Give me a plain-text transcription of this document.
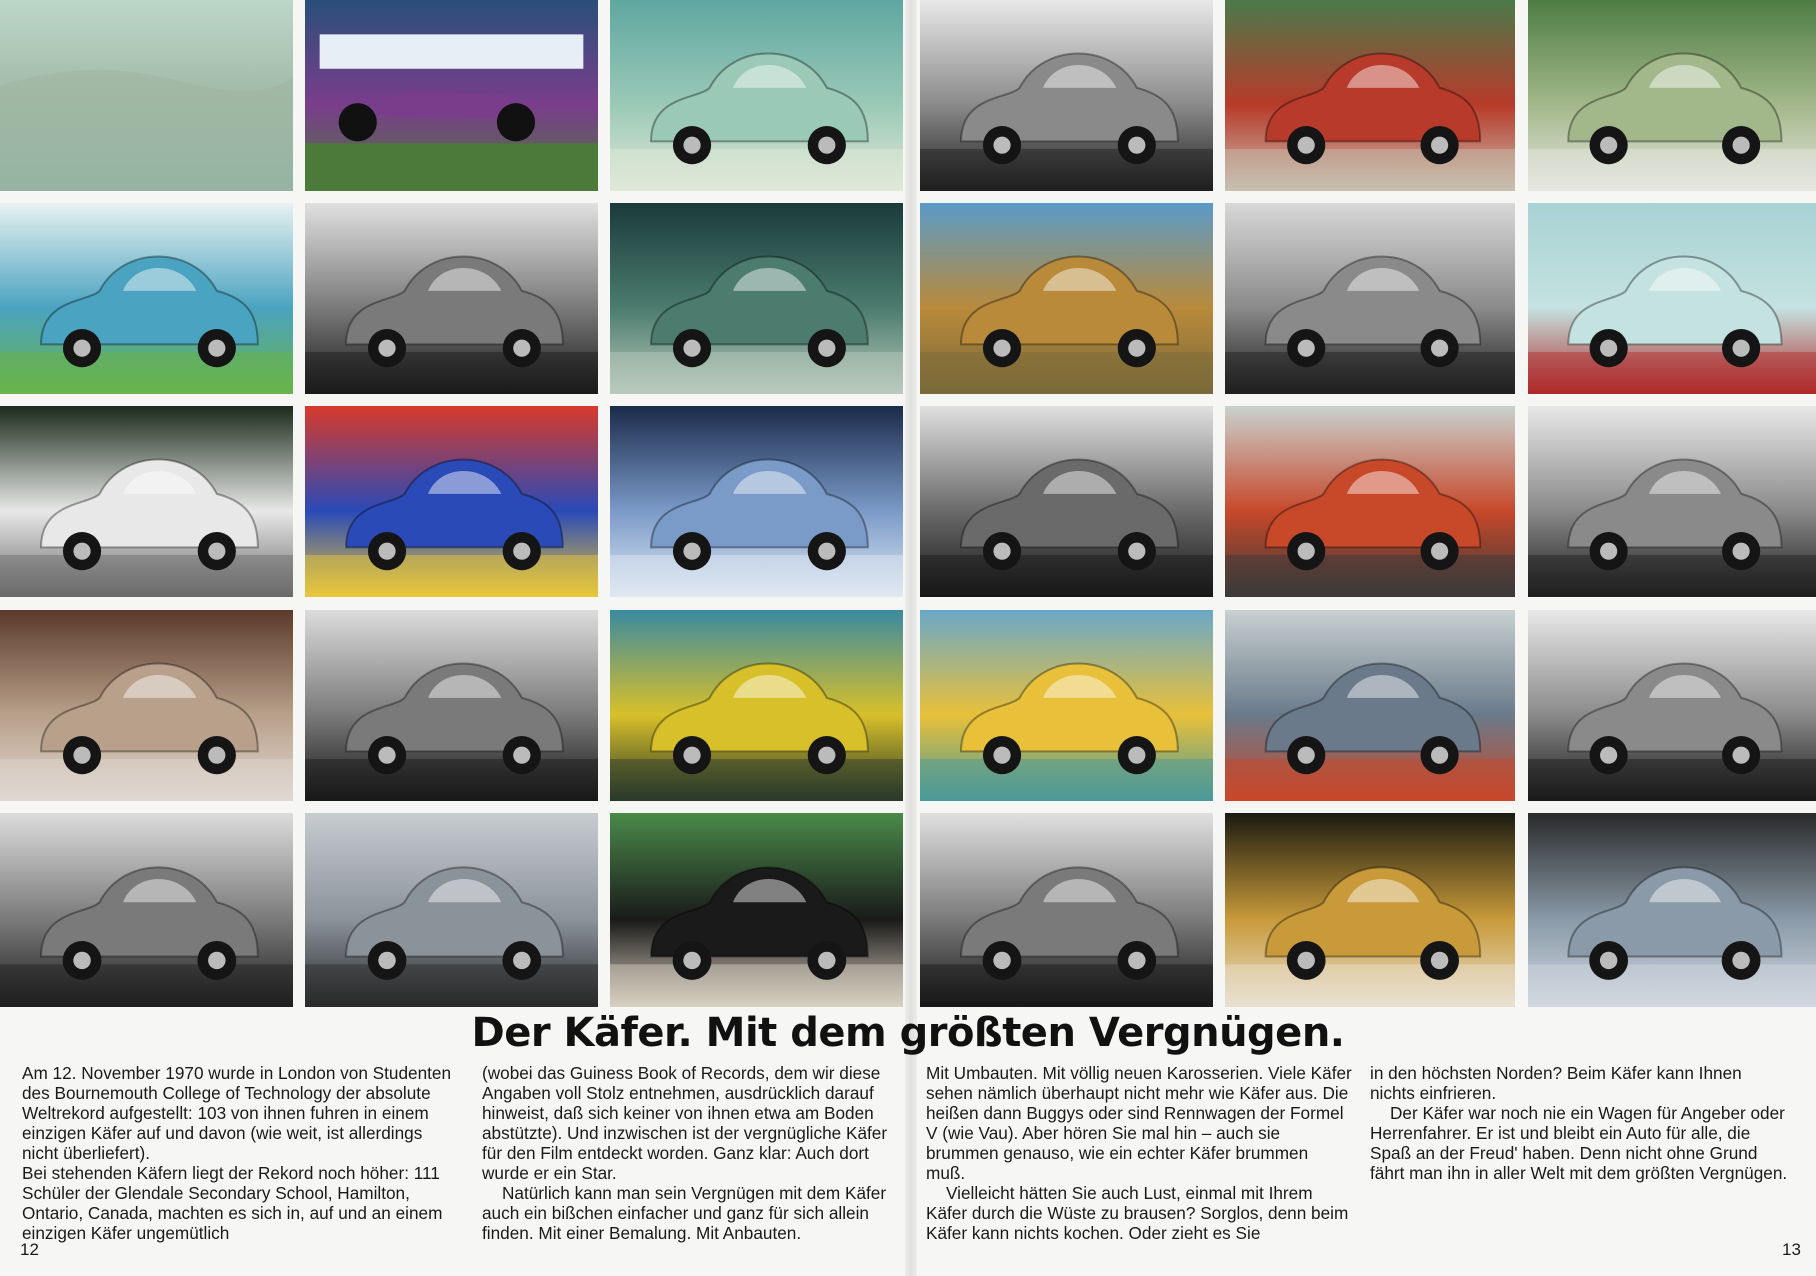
Der Käfer. Mit dem größten Vergnügen.

Am 12. November 1970 wurde in London von Studenten des Bournemouth College of Technology der absolute Weltrekord aufgestellt: 103 von ihnen fuhren in einem einzigen Käfer auf und davon (wie weit, ist allerdings nicht überliefert).

Bei stehenden Käfern liegt der Rekord noch höher: 111 Schüler der Glendale Secondary School, Hamilton, Ontario, Canada, machten es sich in, auf und an einem einzigen Käfer ungemütlich

(wobei das Guiness Book of Records, dem wir diese Angaben voll Stolz entnehmen, ausdrücklich darauf hinweist, daß sich keiner von ihnen etwa am Boden abstützte). Und inzwischen ist der vergnügliche Käfer für den Film entdeckt worden. Ganz klar: Auch dort wurde er ein Star.

Natürlich kann man sein Vergnügen mit dem Käfer auch ein bißchen einfacher und ganz für sich allein finden. Mit einer Bemalung. Mit Anbauten.

Mit Umbauten. Mit völlig neuen Karosserien. Viele Käfer sehen nämlich überhaupt nicht mehr wie Käfer aus. Die heißen dann Buggys oder sind Rennwagen der Formel V (wie Vau). Aber hören Sie mal hin – auch sie brummen genauso, wie ein echter Käfer brummen muß.

Vielleicht hätten Sie auch Lust, einmal mit Ihrem Käfer durch die Wüste zu brausen? Sorglos, denn beim Käfer kann nichts kochen. Oder zieht es Sie

in den höchsten Norden? Beim Käfer kann Ihnen nichts einfrieren.

Der Käfer war noch nie ein Wagen für Angeber oder Herrenfahrer. Er ist und bleibt ein Auto für alle, die Spaß an der Freud' haben. Denn nicht ohne Grund fährt man ihn in aller Welt mit dem größten Vergnügen.

12	13
